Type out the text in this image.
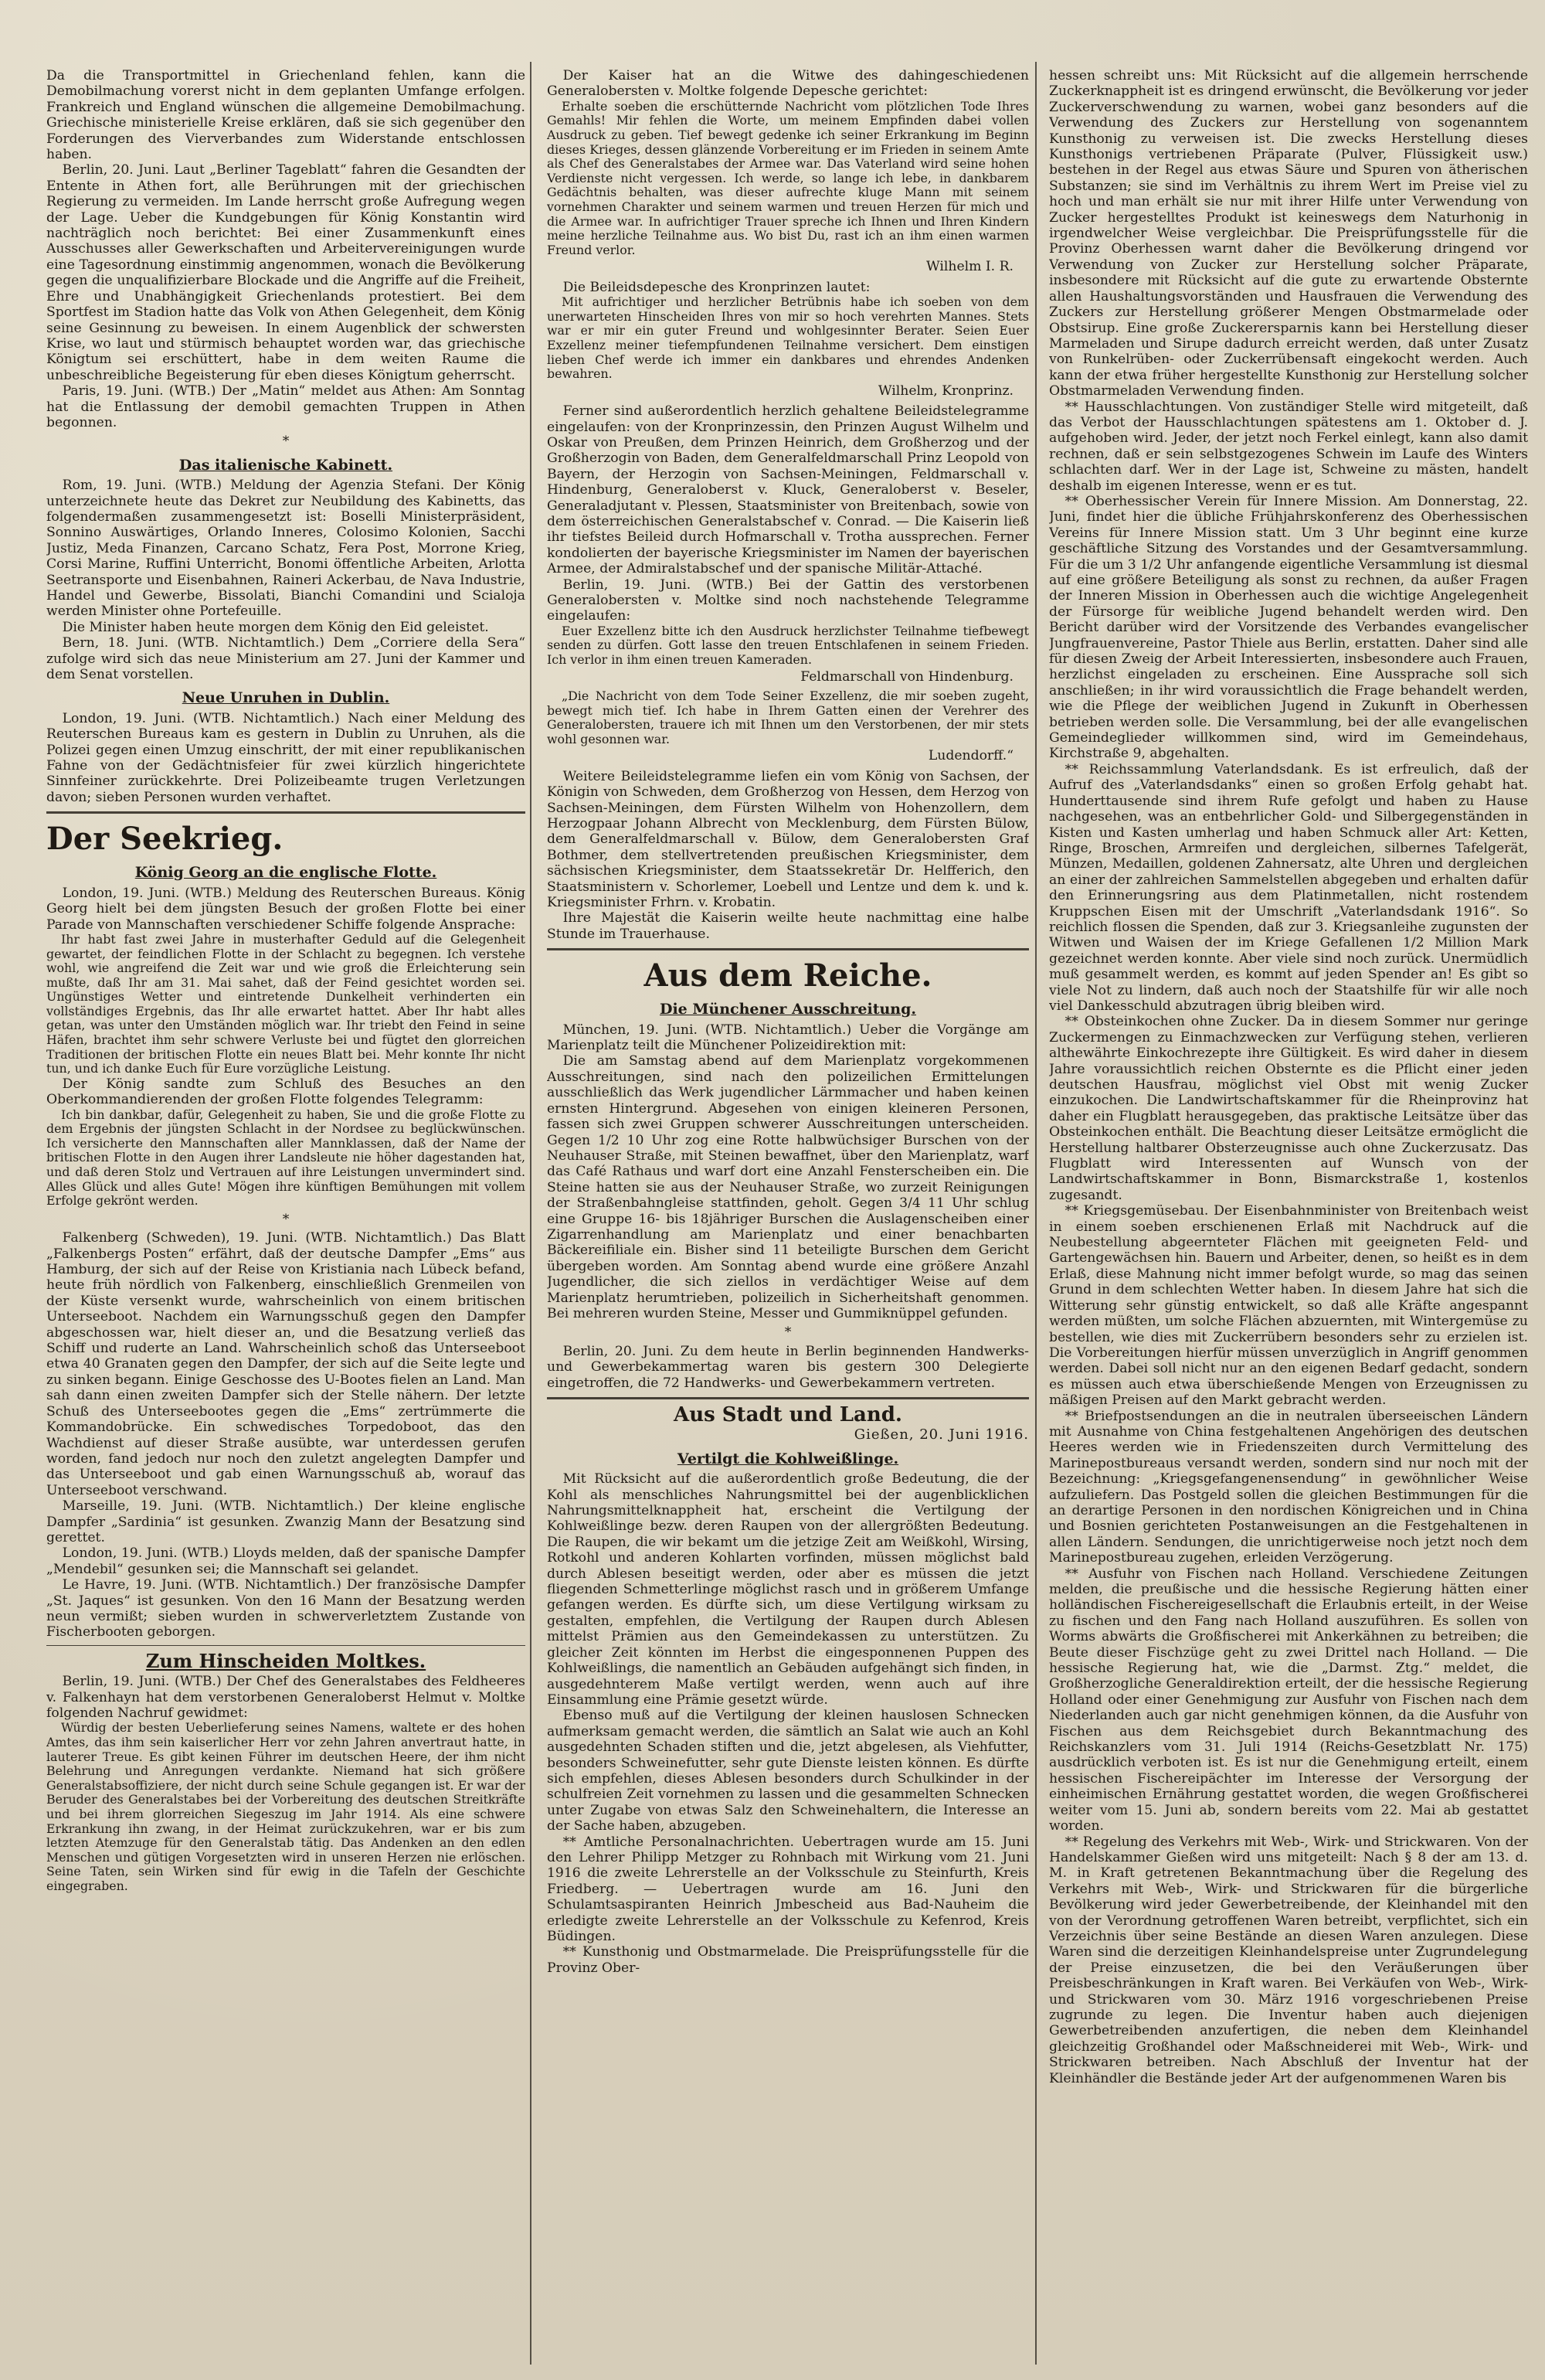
Da die Transportmittel in Griechenland fehlen, kann die Demobilmachung vorerst nicht in dem geplanten Umfange erfolgen. Frankreich und England wünschen die allgemeine Demobilmachung. Griechische ministerielle Kreise erklären, daß sie sich gegenüber den Forderungen des Vierverbandes zum Widerstande entschlossen haben.

Berlin, 20. Juni. Laut „Berliner Tageblatt“ fahren die Gesandten der Entente in Athen fort, alle Berührungen mit der griechischen Regierung zu vermeiden. Im Lande herrscht große Aufregung wegen der Lage. Ueber die Kundgebungen für König Konstantin wird nachträglich noch berichtet: Bei einer Zusammenkunft eines Ausschusses aller Gewerkschaften und Arbeitervereinigungen wurde eine Tagesordnung einstimmig angenommen, wonach die Bevölkerung gegen die unqualifizierbare Blockade und die Angriffe auf die Freiheit, Ehre und Unabhängigkeit Griechenlands protestiert. Bei dem Sportfest im Stadion hatte das Volk von Athen Gelegenheit, dem König seine Gesinnung zu beweisen. In einem Augenblick der schwersten Krise, wo laut und stürmisch behauptet worden war, das griechische Königtum sei erschüttert, habe in dem weiten Raume die unbeschreibliche Begeisterung für eben dieses Königtum geherrscht.

Paris, 19. Juni. (WTB.) Der „Matin“ meldet aus Athen: Am Sonntag hat die Entlassung der demobil gemachten Truppen in Athen begonnen.

*

Das italienische Kabinett.

Rom, 19. Juni. (WTB.) Meldung der Agenzia Stefani. Der König unterzeichnete heute das Dekret zur Neubildung des Kabinetts, das folgendermaßen zusammengesetzt ist: Boselli Ministerpräsident, Sonnino Auswärtiges, Orlando Inneres, Colosimo Kolonien, Sacchi Justiz, Meda Finanzen, Carcano Schatz, Fera Post, Morrone Krieg, Corsi Marine, Ruffini Unterricht, Bonomi öffentliche Arbeiten, Arlotta Seetransporte und Eisenbahnen, Raineri Ackerbau, de Nava Industrie, Handel und Gewerbe, Bissolati, Bianchi Comandini und Scialoja werden Minister ohne Portefeuille.

Die Minister haben heute morgen dem König den Eid geleistet.

Bern, 18. Juni. (WTB. Nichtamtlich.) Dem „Corriere della Sera“ zufolge wird sich das neue Ministerium am 27. Juni der Kammer und dem Senat vorstellen.

Neue Unruhen in Dublin.

London, 19. Juni. (WTB. Nichtamtlich.) Nach einer Meldung des Reuterschen Bureaus kam es gestern in Dublin zu Unruhen, als die Polizei gegen einen Umzug einschritt, der mit einer republikanischen Fahne von der Gedächtnisfeier für zwei kürzlich hingerichtete Sinnfeiner zurückkehrte. Drei Polizeibeamte trugen Verletzungen davon; sieben Personen wurden verhaftet.

Der Seekrieg.

König Georg an die englische Flotte.

London, 19. Juni. (WTB.) Meldung des Reuterschen Bureaus. König Georg hielt bei dem jüngsten Besuch der großen Flotte bei einer Parade von Mannschaften verschiedener Schiffe folgende Ansprache:

Ihr habt fast zwei Jahre in musterhafter Geduld auf die Gelegenheit gewartet, der feindlichen Flotte in der Schlacht zu begegnen. Ich verstehe wohl, wie angreifend die Zeit war und wie groß die Erleichterung sein mußte, daß Ihr am 31. Mai sahet, daß der Feind gesichtet worden sei. Ungünstiges Wetter und eintretende Dunkelheit verhinderten ein vollständiges Ergebnis, das Ihr alle erwartet hattet. Aber Ihr habt alles getan, was unter den Umständen möglich war. Ihr triebt den Feind in seine Häfen, brachtet ihm sehr schwere Verluste bei und fügtet den glorreichen Traditionen der britischen Flotte ein neues Blatt bei. Mehr konnte Ihr nicht tun, und ich danke Euch für Eure vorzügliche Leistung.

Der König sandte zum Schluß des Besuches an den Oberkommandierenden der großen Flotte folgendes Telegramm:

Ich bin dankbar, dafür, Gelegenheit zu haben, Sie und die große Flotte zu dem Ergebnis der jüngsten Schlacht in der Nordsee zu beglückwünschen. Ich versicherte den Mannschaften aller Mannklassen, daß der Name der britischen Flotte in den Augen ihrer Landsleute nie höher dagestanden hat, und daß deren Stolz und Vertrauen auf ihre Leistungen unvermindert sind. Alles Glück und alles Gute! Mögen ihre künftigen Bemühungen mit vollem Erfolge gekrönt werden.

*

Falkenberg (Schweden), 19. Juni. (WTB. Nichtamtlich.) Das Blatt „Falkenbergs Posten“ erfährt, daß der deutsche Dampfer „Ems“ aus Hamburg, der sich auf der Reise von Kristiania nach Lübeck befand, heute früh nördlich von Falkenberg, einschließlich Grenmeilen von der Küste versenkt wurde, wahrscheinlich von einem britischen Unterseeboot. Nachdem ein Warnungsschuß gegen den Dampfer abgeschossen war, hielt dieser an, und die Besatzung verließ das Schiff und ruderte an Land. Wahrscheinlich schoß das Unterseeboot etwa 40 Granaten gegen den Dampfer, der sich auf die Seite legte und zu sinken begann. Einige Geschosse des U-Bootes fielen an Land. Man sah dann einen zweiten Dampfer sich der Stelle nähern. Der letzte Schuß des Unterseebootes gegen die „Ems“ zertrümmerte die Kommandobrücke. Ein schwedisches Torpedoboot, das den Wachdienst auf dieser Straße ausübte, war unterdessen gerufen worden, fand jedoch nur noch den zuletzt angelegten Dampfer und das Unterseeboot und gab einen Warnungsschuß ab, worauf das Unterseeboot verschwand.

Marseille, 19. Juni. (WTB. Nichtamtlich.) Der kleine englische Dampfer „Sardinia“ ist gesunken. Zwanzig Mann der Besatzung sind gerettet.

London, 19. Juni. (WTB.) Lloyds melden, daß der spanische Dampfer „Mendebil“ gesunken sei; die Mannschaft sei gelandet.

Le Havre, 19. Juni. (WTB. Nichtamtlich.) Der französische Dampfer „St. Jaques“ ist gesunken. Von den 16 Mann der Besatzung werden neun vermißt; sieben wurden in schwerverletztem Zustande von Fischerbooten geborgen.

Zum Hinscheiden Moltkes.

Berlin, 19. Juni. (WTB.) Der Chef des Generalstabes des Feldheeres v. Falkenhayn hat dem verstorbenen Generaloberst Helmut v. Moltke folgenden Nachruf gewidmet:

Würdig der besten Ueberlieferung seines Namens, waltete er des hohen Amtes, das ihm sein kaiserlicher Herr vor zehn Jahren anvertraut hatte, in lauterer Treue. Es gibt keinen Führer im deutschen Heere, der ihm nicht Belehrung und Anregungen verdankte. Niemand hat sich größere Generalstabsoffiziere, der nicht durch seine Schule gegangen ist. Er war der Beruder des Generalstabes bei der Vorbereitung des deutschen Streitkräfte und bei ihrem glorreichen Siegeszug im Jahr 1914. Als eine schwere Erkrankung ihn zwang, in der Heimat zurückzukehren, war er bis zum letzten Atemzuge für den Generalstab tätig. Das Andenken an den edlen Menschen und gütigen Vorgesetzten wird in unseren Herzen nie erlöschen. Seine Taten, sein Wirken sind für ewig in die Tafeln der Geschichte eingegraben.

Der Kaiser hat an die Witwe des dahingeschiedenen Generalobersten v. Moltke folgende Depesche gerichtet:

Erhalte soeben die erschütternde Nachricht vom plötzlichen Tode Ihres Gemahls! Mir fehlen die Worte, um meinem Empfinden dabei vollen Ausdruck zu geben. Tief bewegt gedenke ich seiner Erkrankung im Beginn dieses Krieges, dessen glänzende Vorbereitung er im Frieden in seinem Amte als Chef des Generalstabes der Armee war. Das Vaterland wird seine hohen Verdienste nicht vergessen. Ich werde, so lange ich lebe, in dankbarem Gedächtnis behalten, was dieser aufrechte kluge Mann mit seinem vornehmen Charakter und seinem warmen und treuen Herzen für mich und die Armee war. In aufrichtiger Trauer spreche ich Ihnen und Ihren Kindern meine herzliche Teilnahme aus. Wo bist Du, rast ich an ihm einen warmen Freund verlor.

Wilhelm I. R.

Die Beileidsdepesche des Kronprinzen lautet:

Mit aufrichtiger und herzlicher Betrübnis habe ich soeben von dem unerwarteten Hinscheiden Ihres von mir so hoch verehrten Mannes. Stets war er mir ein guter Freund und wohlgesinnter Berater. Seien Euer Exzellenz meiner tiefempfundenen Teilnahme versichert. Dem einstigen lieben Chef werde ich immer ein dankbares und ehrendes Andenken bewahren.

Wilhelm, Kronprinz.

Ferner sind außerordentlich herzlich gehaltene Beileidstelegramme eingelaufen: von der Kronprinzessin, den Prinzen August Wilhelm und Oskar von Preußen, dem Prinzen Heinrich, dem Großherzog und der Großherzogin von Baden, dem Generalfeldmarschall Prinz Leopold von Bayern, der Herzogin von Sachsen-Meiningen, Feldmarschall v. Hindenburg, Generaloberst v. Kluck, Generaloberst v. Beseler, Generaladjutant v. Plessen, Staatsminister von Breitenbach, sowie von dem österreichischen Generalstabschef v. Conrad. — Die Kaiserin ließ ihr tiefstes Beileid durch Hofmarschall v. Trotha aussprechen. Ferner kondolierten der bayerische Kriegsminister im Namen der bayerischen Armee, der Admiralstabschef und der spanische Militär-Attaché.

Berlin, 19. Juni. (WTB.) Bei der Gattin des verstorbenen Generalobersten v. Moltke sind noch nachstehende Telegramme eingelaufen:

Euer Exzellenz bitte ich den Ausdruck herzlichster Teilnahme tiefbewegt senden zu dürfen. Gott lasse den treuen Entschlafenen in seinem Frieden. Ich verlor in ihm einen treuen Kameraden.

Feldmarschall von Hindenburg.

„Die Nachricht von dem Tode Seiner Exzellenz, die mir soeben zugeht, bewegt mich tief. Ich habe in Ihrem Gatten einen der Verehrer des Generalobersten, trauere ich mit Ihnen um den Verstorbenen, der mir stets wohl gesonnen war.

Ludendorff.“

Weitere Beileidstelegramme liefen ein vom König von Sachsen, der Königin von Schweden, dem Großherzog von Hessen, dem Herzog von Sachsen-Meiningen, dem Fürsten Wilhelm von Hohenzollern, dem Herzogpaar Johann Albrecht von Mecklenburg, dem Fürsten Bülow, dem Generalfeldmarschall v. Bülow, dem Generalobersten Graf Bothmer, dem stellvertretenden preußischen Kriegsminister, dem sächsischen Kriegsminister, dem Staatssekretär Dr. Helfferich, den Staatsministern v. Schorlemer, Loebell und Lentze und dem k. und k. Kriegsminister Frhrn. v. Krobatin.

Ihre Majestät die Kaiserin weilte heute nachmittag eine halbe Stunde im Trauerhause.

Aus dem Reiche.

Die Münchener Ausschreitung.

München, 19. Juni. (WTB. Nichtamtlich.) Ueber die Vorgänge am Marienplatz teilt die Münchener Polizeidirektion mit:

Die am Samstag abend auf dem Marienplatz vorgekommenen Ausschreitungen, sind nach den polizeilichen Ermittelungen ausschließlich das Werk jugendlicher Lärmmacher und haben keinen ernsten Hintergrund. Abgesehen von einigen kleineren Personen, fassen sich zwei Gruppen schwerer Ausschreitungen unterscheiden. Gegen 1/2 10 Uhr zog eine Rotte halbwüchsiger Burschen von der Neuhauser Straße, mit Steinen bewaffnet, über den Marienplatz, warf das Café Rathaus und warf dort eine Anzahl Fensterscheiben ein. Die Steine hatten sie aus der Neuhauser Straße, wo zurzeit Reinigungen der Straßenbahngleise stattfinden, geholt. Gegen 3/4 11 Uhr schlug eine Gruppe 16- bis 18jähriger Burschen die Auslagenscheiben einer Zigarrenhandlung am Marienplatz und einer benachbarten Bäckereifiliale ein. Bisher sind 11 beteiligte Burschen dem Gericht übergeben worden. Am Sonntag abend wurde eine größere Anzahl Jugendlicher, die sich ziellos in verdächtiger Weise auf dem Marienplatz herumtrieben, polizeilich in Sicherheitshaft genommen. Bei mehreren wurden Steine, Messer und Gummiknüppel gefunden.

*

Berlin, 20. Juni. Zu dem heute in Berlin beginnenden Handwerks- und Gewerbekammertag waren bis gestern 300 Delegierte eingetroffen, die 72 Handwerks- und Gewerbekammern vertreten.

Aus Stadt und Land.

Gießen, 20. Juni 1916.

Vertilgt die Kohlweißlinge.

Mit Rücksicht auf die außerordentlich große Bedeutung, die der Kohl als menschliches Nahrungsmittel bei der augenblicklichen Nahrungsmittelknappheit hat, erscheint die Vertilgung der Kohlweißlinge bezw. deren Raupen von der allergrößten Bedeutung. Die Raupen, die wir bekamt um die jetzige Zeit am Weißkohl, Wirsing, Rotkohl und anderen Kohlarten vorfinden, müssen möglichst bald durch Ablesen beseitigt werden, oder aber es müssen die jetzt fliegenden Schmetterlinge möglichst rasch und in größerem Umfange gefangen werden. Es dürfte sich, um diese Vertilgung wirksam zu gestalten, empfehlen, die Vertilgung der Raupen durch Ablesen mittelst Prämien aus den Gemeindekassen zu unterstützen. Zu gleicher Zeit könnten im Herbst die eingesponnenen Puppen des Kohlweißlings, die namentlich an Gebäuden aufgehängt sich finden, in ausgedehnterem Maße vertilgt werden, wenn auch auf ihre Einsammlung eine Prämie gesetzt würde.

Ebenso muß auf die Vertilgung der kleinen hauslosen Schnecken aufmerksam gemacht werden, die sämtlich an Salat wie auch an Kohl ausgedehnten Schaden stiften und die, jetzt abgelesen, als Viehfutter, besonders Schweinefutter, sehr gute Dienste leisten können. Es dürfte sich empfehlen, dieses Ablesen besonders durch Schulkinder in der schulfreien Zeit vornehmen zu lassen und die gesammelten Schnecken unter Zugabe von etwas Salz den Schweinehaltern, die Interesse an der Sache haben, abzugeben.

** Amtliche Personalnachrichten. Uebertragen wurde am 15. Juni den Lehrer Philipp Metzger zu Rohnbach mit Wirkung vom 21. Juni 1916 die zweite Lehrerstelle an der Volksschule zu Steinfurth, Kreis Friedberg. — Uebertragen wurde am 16. Juni den Schulamtsaspiranten Heinrich Jmbescheid aus Bad-Nauheim die erledigte zweite Lehrerstelle an der Volksschule zu Kefenrod, Kreis Büdingen.

** Kunsthonig und Obstmarmelade. Die Preisprüfungsstelle für die Provinz Ober-

hessen schreibt uns: Mit Rücksicht auf die allgemein herrschende Zuckerknappheit ist es dringend erwünscht, die Bevölkerung vor jeder Zuckerverschwendung zu warnen, wobei ganz besonders auf die Verwendung des Zuckers zur Herstellung von sogenanntem Kunsthonig zu verweisen ist. Die zwecks Herstellung dieses Kunsthonigs vertriebenen Präparate (Pulver, Flüssigkeit usw.) bestehen in der Regel aus etwas Säure und Spuren von ätherischen Substanzen; sie sind im Verhältnis zu ihrem Wert im Preise viel zu hoch und man erhält sie nur mit ihrer Hilfe unter Verwendung von Zucker hergestelltes Produkt ist keineswegs dem Naturhonig in irgendwelcher Weise vergleichbar. Die Preisprüfungsstelle für die Provinz Oberhessen warnt daher die Bevölkerung dringend vor Verwendung von Zucker zur Herstellung solcher Präparate, insbesondere mit Rücksicht auf die gute zu erwartende Obsternte allen Haushaltungsvorständen und Hausfrauen die Verwendung des Zuckers zur Herstellung größerer Mengen Obstmarmelade oder Obstsirup. Eine große Zuckerersparnis kann bei Herstellung dieser Marmeladen und Sirupe dadurch erreicht werden, daß unter Zusatz von Runkelrüben- oder Zuckerrübensaft eingekocht werden. Auch kann der etwa früher hergestellte Kunsthonig zur Herstellung solcher Obstmarmeladen Verwendung finden.

** Hausschlachtungen. Von zuständiger Stelle wird mitgeteilt, daß das Verbot der Hausschlachtungen spätestens am 1. Oktober d. J. aufgehoben wird. Jeder, der jetzt noch Ferkel einlegt, kann also damit rechnen, daß er sein selbstgezogenes Schwein im Laufe des Winters schlachten darf. Wer in der Lage ist, Schweine zu mästen, handelt deshalb im eigenen Interesse, wenn er es tut.

** Oberhessischer Verein für Innere Mission. Am Donnerstag, 22. Juni, findet hier die übliche Frühjahrskonferenz des Oberhessischen Vereins für Innere Mission statt. Um 3 Uhr beginnt eine kurze geschäftliche Sitzung des Vorstandes und der Gesamtversammlung. Für die um 3 1/2 Uhr anfangende eigentliche Versammlung ist diesmal auf eine größere Beteiligung als sonst zu rechnen, da außer Fragen der Inneren Mission in Oberhessen auch die wichtige Angelegenheit der Fürsorge für weibliche Jugend behandelt werden wird. Den Bericht darüber wird der Vorsitzende des Verbandes evangelischer Jungfrauenvereine, Pastor Thiele aus Berlin, erstatten. Daher sind alle für diesen Zweig der Arbeit Interessierten, insbesondere auch Frauen, herzlichst eingeladen zu erscheinen. Eine Aussprache soll sich anschließen; in ihr wird voraussichtlich die Frage behandelt werden, wie die Pflege der weiblichen Jugend in Zukunft in Oberhessen betrieben werden solle. Die Versammlung, bei der alle evangelischen Gemeindeglieder willkommen sind, wird im Gemeindehaus, Kirchstraße 9, abgehalten.

** Reichssammlung Vaterlandsdank. Es ist erfreulich, daß der Aufruf des „Vaterlandsdanks“ einen so großen Erfolg gehabt hat. Hunderttausende sind ihrem Rufe gefolgt und haben zu Hause nachgesehen, was an entbehrlicher Gold- und Silbergegenständen in Kisten und Kasten umherlag und haben Schmuck aller Art: Ketten, Ringe, Broschen, Armreifen und dergleichen, silbernes Tafelgerät, Münzen, Medaillen, goldenen Zahnersatz, alte Uhren und dergleichen an einer der zahlreichen Sammelstellen abgegeben und erhalten dafür den Erinnerungsring aus dem Platinmetallen, nicht rostendem Kruppschen Eisen mit der Umschrift „Vaterlandsdank 1916“. So reichlich flossen die Spenden, daß zur 3. Kriegsanleihe zugunsten der Witwen und Waisen der im Kriege Gefallenen 1/2 Million Mark gezeichnet werden konnte. Aber viele sind noch zurück. Unermüdlich muß gesammelt werden, es kommt auf jeden Spender an! Es gibt so viele Not zu lindern, daß auch noch der Staatshilfe für wir alle noch viel Dankesschuld abzutragen übrig bleiben wird.

** Obsteinkochen ohne Zucker. Da in diesem Sommer nur geringe Zuckermengen zu Einmachzwecken zur Verfügung stehen, verlieren althewährte Einkochrezepte ihre Gültigkeit. Es wird daher in diesem Jahre voraussichtlich reichen Obsternte es die Pflicht einer jeden deutschen Hausfrau, möglichst viel Obst mit wenig Zucker einzukochen. Die Landwirtschaftskammer für die Rheinprovinz hat daher ein Flugblatt herausgegeben, das praktische Leitsätze über das Obsteinkochen enthält. Die Beachtung dieser Leitsätze ermöglicht die Herstellung haltbarer Obsterzeugnisse auch ohne Zuckerzusatz. Das Flugblatt wird Interessenten auf Wunsch von der Landwirtschaftskammer in Bonn, Bismarckstraße 1, kostenlos zugesandt.

** Kriegsgemüsebau. Der Eisenbahnminister von Breitenbach weist in einem soeben erschienenen Erlaß mit Nachdruck auf die Neubestellung abgeernteter Flächen mit geeigneten Feld- und Gartengewächsen hin. Bauern und Arbeiter, denen, so heißt es in dem Erlaß, diese Mahnung nicht immer befolgt wurde, so mag das seinen Grund in dem schlechten Wetter haben. In diesem Jahre hat sich die Witterung sehr günstig entwickelt, so daß alle Kräfte angespannt werden müßten, um solche Flächen abzuernten, mit Wintergemüse zu bestellen, wie dies mit Zuckerrübern besonders sehr zu erzielen ist. Die Vorbereitungen hierfür müssen unverzüglich in Angriff genommen werden. Dabei soll nicht nur an den eigenen Bedarf gedacht, sondern es müssen auch etwa überschießende Mengen von Erzeugnissen zu mäßigen Preisen auf den Markt gebracht werden.

** Briefpostsendungen an die in neutralen überseeischen Ländern mit Ausnahme von China festgehaltenen Angehörigen des deutschen Heeres werden wie in Friedenszeiten durch Vermittelung des Marinepostbureaus versandt werden, sondern sind nur noch mit der Bezeichnung: „Kriegsgefangenensendung“ in gewöhnlicher Weise aufzuliefern. Das Postgeld sollen die gleichen Bestimmungen für die an derartige Personen in den nordischen Königreichen und in China und Bosnien gerichteten Postanweisungen an die Festgehaltenen in allen Ländern. Sendungen, die unrichtigerweise noch jetzt noch dem Marinepostbureau zugehen, erleiden Verzögerung.

** Ausfuhr von Fischen nach Holland. Verschiedene Zeitungen melden, die preußische und die hessische Regierung hätten einer holländischen Fischereigesellschaft die Erlaubnis erteilt, in der Weise zu fischen und den Fang nach Holland auszuführen. Es sollen von Worms abwärts die Großfischerei mit Ankerkähnen zu betreiben; die Beute dieser Fischzüge geht zu zwei Drittel nach Holland. — Die hessische Regierung hat, wie die „Darmst. Ztg.“ meldet, die Großherzogliche Generaldirektion erteilt, der die hessische Regierung Holland oder einer Genehmigung zur Ausfuhr von Fischen nach dem Niederlanden auch gar nicht genehmigen können, da die Ausfuhr von Fischen aus dem Reichsgebiet durch Bekanntmachung des Reichskanzlers vom 31. Juli 1914 (Reichs-Gesetzblatt Nr. 175) ausdrücklich verboten ist. Es ist nur die Genehmigung erteilt, einem hessischen Fischereipächter im Interesse der Versorgung der einheimischen Ernährung gestattet worden, die wegen Großfischerei weiter vom 15. Juni ab, sondern bereits vom 22. Mai ab gestattet worden.

** Regelung des Verkehrs mit Web-, Wirk- und Strickwaren. Von der Handelskammer Gießen wird uns mitgeteilt: Nach § 8 der am 13. d. M. in Kraft getretenen Bekanntmachung über die Regelung des Verkehrs mit Web-, Wirk- und Strickwaren für die bürgerliche Bevölkerung wird jeder Gewerbetreibende, der Kleinhandel mit den von der Verordnung getroffenen Waren betreibt, verpflichtet, sich ein Verzeichnis über seine Bestände an diesen Waren anzulegen. Diese Waren sind die derzeitigen Kleinhandelspreise unter Zugrundelegung der Preise einzusetzen, die bei den Veräußerungen über Preisbeschränkungen in Kraft waren. Bei Verkäufen von Web-, Wirk- und Strickwaren vom 30. März 1916 vorgeschriebenen Preise zugrunde zu legen. Die Inventur haben auch diejenigen Gewerbetreibenden anzufertigen, die neben dem Kleinhandel gleichzeitig Großhandel oder Maßschneiderei mit Web-, Wirk- und Strickwaren betreiben. Nach Abschluß der Inventur hat der Kleinhändler die Bestände jeder Art der aufgenommenen Waren bis
